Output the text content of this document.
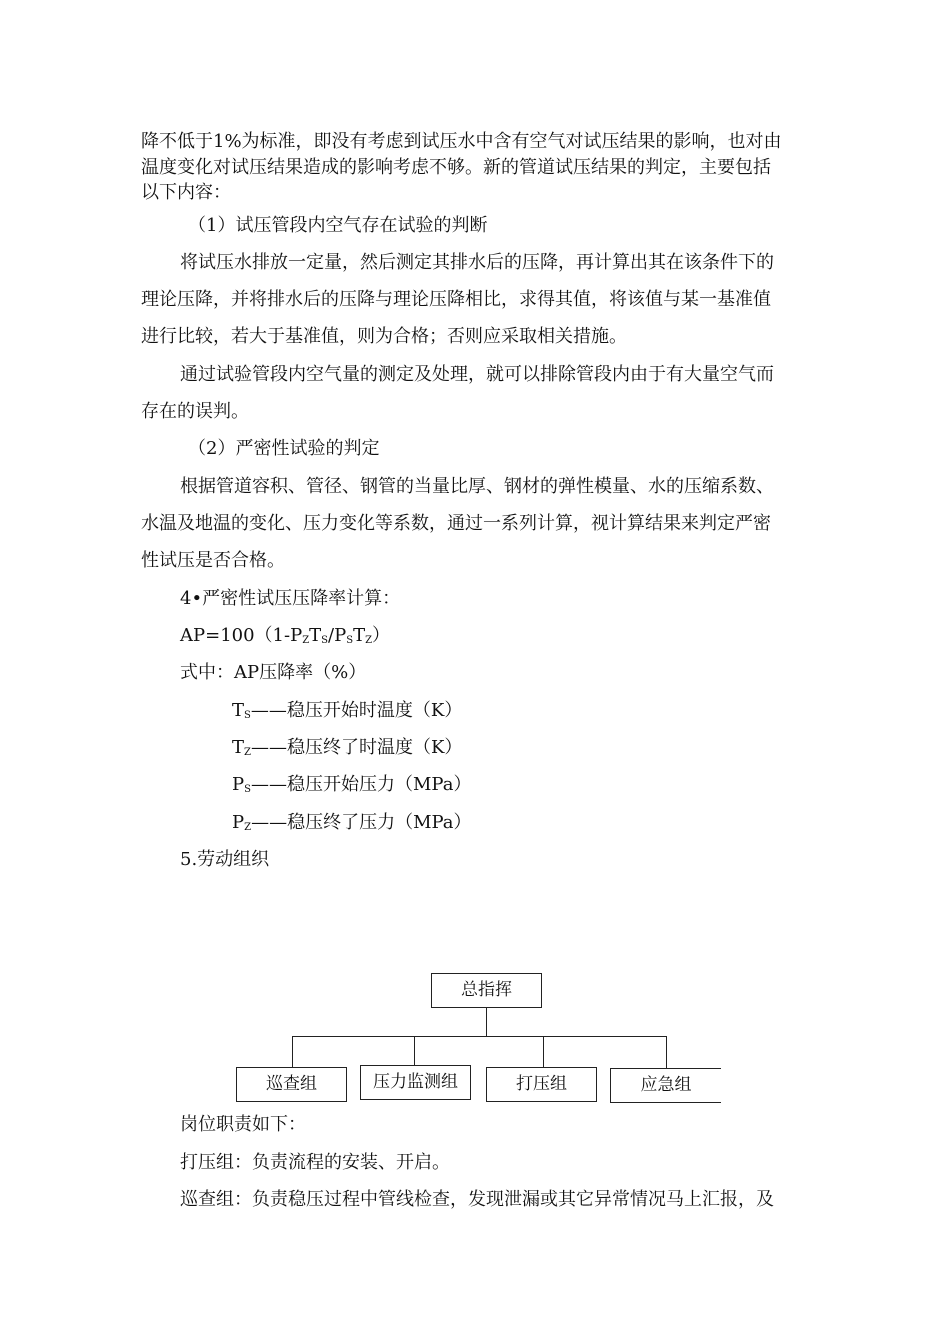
降不低于1%为标准，即没有考虑到试压水中含有空气对试压结果的影响，也对由
温度变化对试压结果造成的影响考虑不够。新的管道试压结果的判定，主要包括
以下内容：
（1）试压管段内空气存在试验的判断
将试压水排放一定量，然后测定其排水后的压降，再计算出其在该条件下的
理论压降，并将排水后的压降与理论压降相比，求得其值，将该值与某一基准值
进行比较，若大于基准值，则为合格；否则应采取相关措施。
通过试验管段内空气量的测定及处理，就可以排除管段内由于有大量空气而
存在的误判。
（2）严密性试验的判定
根据管道容积、管径、钢管的当量比厚、钢材的弹性模量、水的压缩系数、
水温及地温的变化、压力变化等系数，通过一系列计算，视计算结果来判定严密
性试压是否合格。
4•严密性试压压降率计算：
$AP=100(1-P_ZT_S/P_ST_Z)$
式中：AP压降率（%）
$T_S——$稳压开始时温度（K）
$T_Z——$稳压终了时温度（K）
$P_S——$稳压开始压力（MPa）
$P_Z——$稳压终了压力（MPa）
5.劳动组织
总指挥
巡查组	压力监测组	打压组	应急组
岗位职责如下：
打压组：负责流程的安装、开启。
巡查组：负责稳压过程中管线检查，发现泄漏或其它异常情况马上汇报，及
